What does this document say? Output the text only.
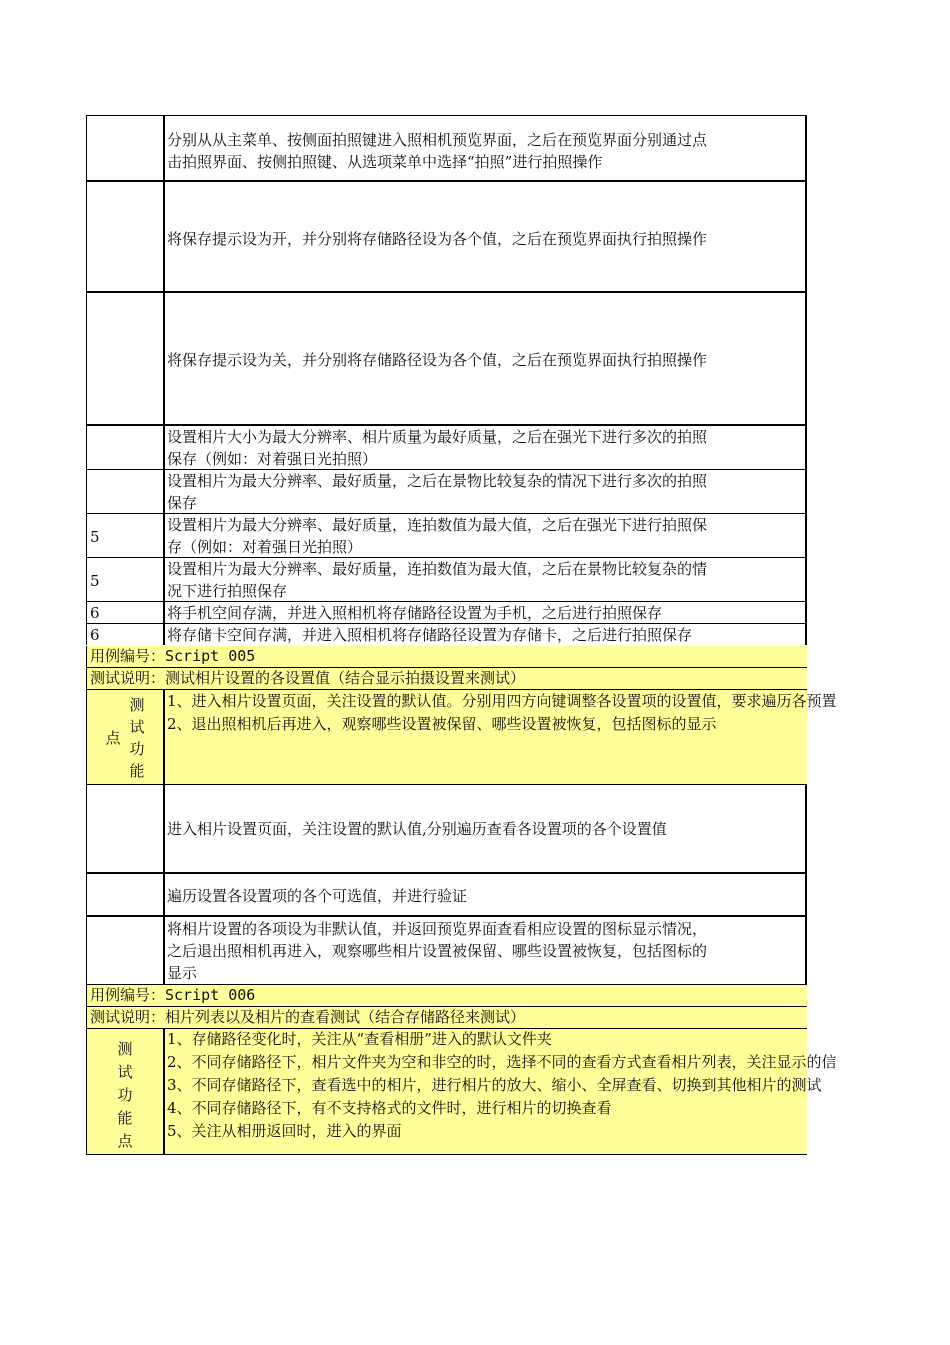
分别从从主菜单、按侧面拍照键进入照相机预览界面，之后在预览界面分别通过点
击拍照界面、按侧拍照键、从选项菜单中选择“拍照”进行拍照操作
将保存提示设为开，并分别将存储路径设为各个值，之后在预览界面执行拍照操作
将保存提示设为关，并分别将存储路径设为各个值，之后在预览界面执行拍照操作
设置相片大小为最大分辨率、相片质量为最好质量，之后在强光下进行多次的拍照
保存（例如：对着强日光拍照）
设置相片为最大分辨率、最好质量，之后在景物比较复杂的情况下进行多次的拍照
保存
设置相片为最大分辨率、最好质量，连拍数值为最大值，之后在强光下进行拍照保
存（例如：对着强日光拍照）
设置相片为最大分辨率、最好质量，连拍数值为最大值，之后在景物比较复杂的情
况下进行拍照保存
将手机空间存满，并进入照相机将存储路径设置为手机，之后进行拍照保存
将存储卡空间存满，并进入照相机将存储路径设置为存储卡，之后进行拍照保存
5
5
6
6
用例编号：Script 005
测试说明：测试相片设置的各设置值（结合显示拍摄设置来测试）
测
试
点
功
能
1、进入相片设置页面，关注设置的默认值。分别用四方向键调整各设置项的设置值，要求遍历各预置
2、退出照相机后再进入，观察哪些设置被保留、哪些设置被恢复，包括图标的显示
进入相片设置页面，关注设置的默认值,分别遍历查看各设置项的各个设置值
遍历设置各设置项的各个可选值，并进行验证
将相片设置的各项设为非默认值，并返回预览界面查看相应设置的图标显示情况，
之后退出照相机再进入，观察哪些相片设置被保留、哪些设置被恢复，包括图标的
显示
用例编号：Script 006
测试说明：相片列表以及相片的查看测试（结合存储路径来测试）
测
试
功
能
点
1、存储路径变化时，关注从“查看相册”进入的默认文件夹
2、不同存储路径下，相片文件夹为空和非空的时，选择不同的查看方式查看相片列表，关注显示的信
3、不同存储路径下，查看选中的相片，进行相片的放大、缩小、全屏查看、切换到其他相片的测试
4、不同存储路径下，有不支持格式的文件时，进行相片的切换查看
5、关注从相册返回时，进入的界面
